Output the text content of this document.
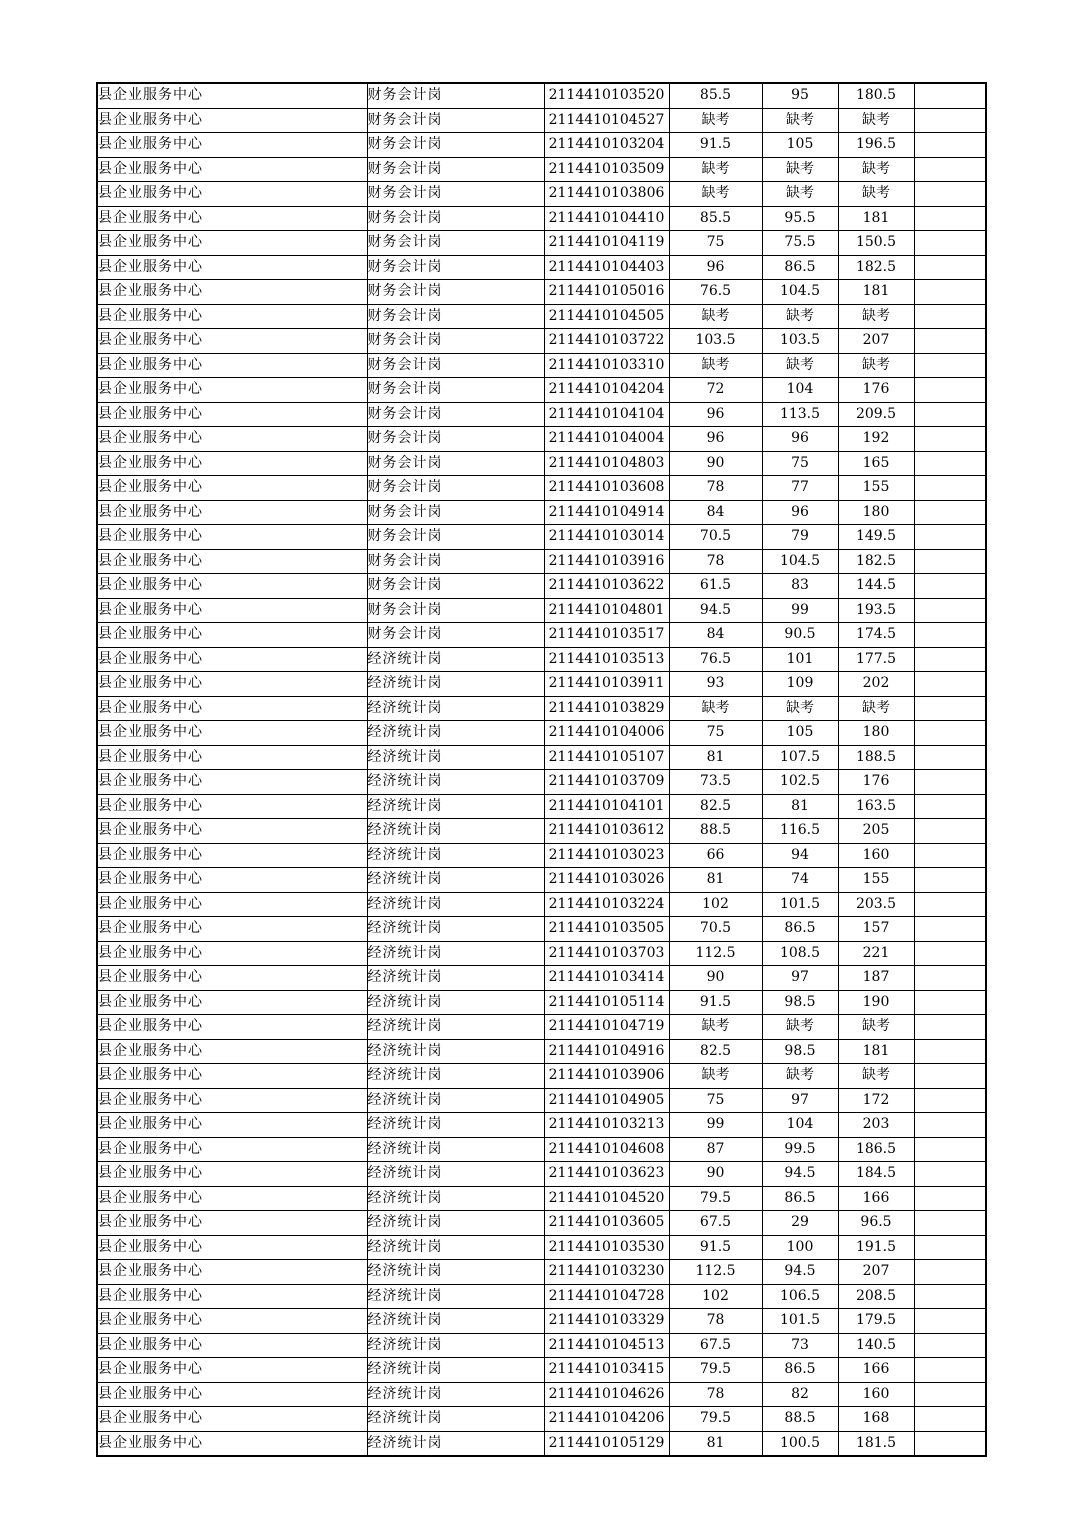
县企业服务中心	财务会计岗	2114410103520	85.5	95	180.5	
县企业服务中心	财务会计岗	2114410104527	缺考	缺考	缺考	
县企业服务中心	财务会计岗	2114410103204	91.5	105	196.5	
县企业服务中心	财务会计岗	2114410103509	缺考	缺考	缺考	
县企业服务中心	财务会计岗	2114410103806	缺考	缺考	缺考	
县企业服务中心	财务会计岗	2114410104410	85.5	95.5	181	
县企业服务中心	财务会计岗	2114410104119	75	75.5	150.5	
县企业服务中心	财务会计岗	2114410104403	96	86.5	182.5	
县企业服务中心	财务会计岗	2114410105016	76.5	104.5	181	
县企业服务中心	财务会计岗	2114410104505	缺考	缺考	缺考	
县企业服务中心	财务会计岗	2114410103722	103.5	103.5	207	
县企业服务中心	财务会计岗	2114410103310	缺考	缺考	缺考	
县企业服务中心	财务会计岗	2114410104204	72	104	176	
县企业服务中心	财务会计岗	2114410104104	96	113.5	209.5	
县企业服务中心	财务会计岗	2114410104004	96	96	192	
县企业服务中心	财务会计岗	2114410104803	90	75	165	
县企业服务中心	财务会计岗	2114410103608	78	77	155	
县企业服务中心	财务会计岗	2114410104914	84	96	180	
县企业服务中心	财务会计岗	2114410103014	70.5	79	149.5	
县企业服务中心	财务会计岗	2114410103916	78	104.5	182.5	
县企业服务中心	财务会计岗	2114410103622	61.5	83	144.5	
县企业服务中心	财务会计岗	2114410104801	94.5	99	193.5	
县企业服务中心	财务会计岗	2114410103517	84	90.5	174.5	
县企业服务中心	经济统计岗	2114410103513	76.5	101	177.5	
县企业服务中心	经济统计岗	2114410103911	93	109	202	
县企业服务中心	经济统计岗	2114410103829	缺考	缺考	缺考	
县企业服务中心	经济统计岗	2114410104006	75	105	180	
县企业服务中心	经济统计岗	2114410105107	81	107.5	188.5	
县企业服务中心	经济统计岗	2114410103709	73.5	102.5	176	
县企业服务中心	经济统计岗	2114410104101	82.5	81	163.5	
县企业服务中心	经济统计岗	2114410103612	88.5	116.5	205	
县企业服务中心	经济统计岗	2114410103023	66	94	160	
县企业服务中心	经济统计岗	2114410103026	81	74	155	
县企业服务中心	经济统计岗	2114410103224	102	101.5	203.5	
县企业服务中心	经济统计岗	2114410103505	70.5	86.5	157	
县企业服务中心	经济统计岗	2114410103703	112.5	108.5	221	
县企业服务中心	经济统计岗	2114410103414	90	97	187	
县企业服务中心	经济统计岗	2114410105114	91.5	98.5	190	
县企业服务中心	经济统计岗	2114410104719	缺考	缺考	缺考	
县企业服务中心	经济统计岗	2114410104916	82.5	98.5	181	
县企业服务中心	经济统计岗	2114410103906	缺考	缺考	缺考	
县企业服务中心	经济统计岗	2114410104905	75	97	172	
县企业服务中心	经济统计岗	2114410103213	99	104	203	
县企业服务中心	经济统计岗	2114410104608	87	99.5	186.5	
县企业服务中心	经济统计岗	2114410103623	90	94.5	184.5	
县企业服务中心	经济统计岗	2114410104520	79.5	86.5	166	
县企业服务中心	经济统计岗	2114410103605	67.5	29	96.5	
县企业服务中心	经济统计岗	2114410103530	91.5	100	191.5	
县企业服务中心	经济统计岗	2114410103230	112.5	94.5	207	
县企业服务中心	经济统计岗	2114410104728	102	106.5	208.5	
县企业服务中心	经济统计岗	2114410103329	78	101.5	179.5	
县企业服务中心	经济统计岗	2114410104513	67.5	73	140.5	
县企业服务中心	经济统计岗	2114410103415	79.5	86.5	166	
县企业服务中心	经济统计岗	2114410104626	78	82	160	
县企业服务中心	经济统计岗	2114410104206	79.5	88.5	168	
县企业服务中心	经济统计岗	2114410105129	81	100.5	181.5	
